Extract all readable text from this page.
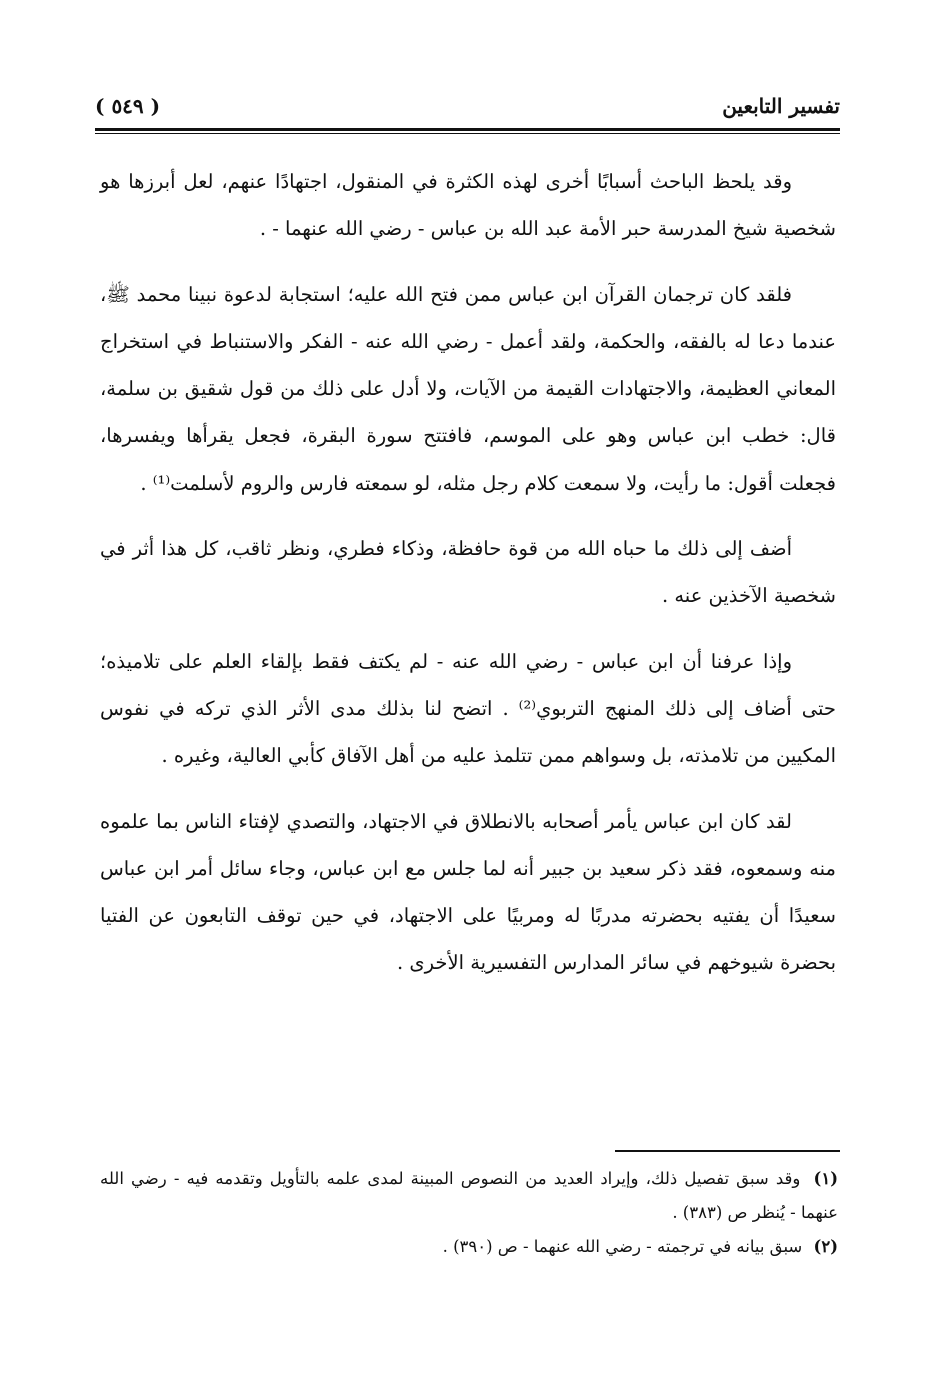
تفسير التابعين
( ٥٤٩ )

وقد يلحظ الباحث أسبابًا أخرى لهذه الكثرة في المنقول، اجتهادًا عنهم، لعل أبرزها هو شخصية شيخ المدرسة حبر الأمة عبد الله بن عباس - رضي الله عنهما - .

فلقد كان ترجمان القرآن ابن عباس ممن فتح الله عليه؛ استجابة لدعوة نبينا محمد ﷺ، عندما دعا له بالفقه، والحكمة، ولقد أعمل - رضي الله عنه - الفكر والاستنباط في استخراج المعاني العظيمة، والاجتهادات القيمة من الآيات، ولا أدل على ذلك من قول شقيق بن سلمة، قال: خطب ابن عباس وهو على الموسم، فافتتح سورة البقرة، فجعل يقرأها ويفسرها، فجعلت أقول: ما رأيت، ولا سمعت كلام رجل مثله، لو سمعته فارس والروم لأسلمت⁽¹⁾ .

أضف إلى ذلك ما حباه الله من قوة حافظة، وذكاء فطري، ونظر ثاقب، كل هذا أثر في شخصية الآخذين عنه .

وإذا عرفنا أن ابن عباس - رضي الله عنه - لم يكتف فقط بإلقاء العلم على تلاميذه؛ حتى أضاف إلى ذلك المنهج التربوي⁽²⁾ . اتضح لنا بذلك مدى الأثر الذي تركه في نفوس المكيين من تلامذته، بل وسواهم ممن تتلمذ عليه من أهل الآفاق كأبي العالية، وغيره .

لقد كان ابن عباس يأمر أصحابه بالانطلاق في الاجتهاد، والتصدي لإفتاء الناس بما علموه منه وسمعوه، فقد ذكر سعيد بن جبير أنه لما جلس مع ابن عباس، وجاء سائل أمر ابن عباس سعيدًا أن يفتيه بحضرته مدربًا له ومربيًا على الاجتهاد، في حين توقف التابعون عن الفتيا بحضرة شيوخهم في سائر المدارس التفسيرية الأخرى .

(١) وقد سبق تفصيل ذلك، وإيراد العديد من النصوص المبينة لمدى علمه بالتأويل وتقدمه فيه - رضي الله عنهما - يُنظر ص (٣٨٣) .

(٢) سبق بيانه في ترجمته - رضي الله عنهما - ص (٣٩٠) .
